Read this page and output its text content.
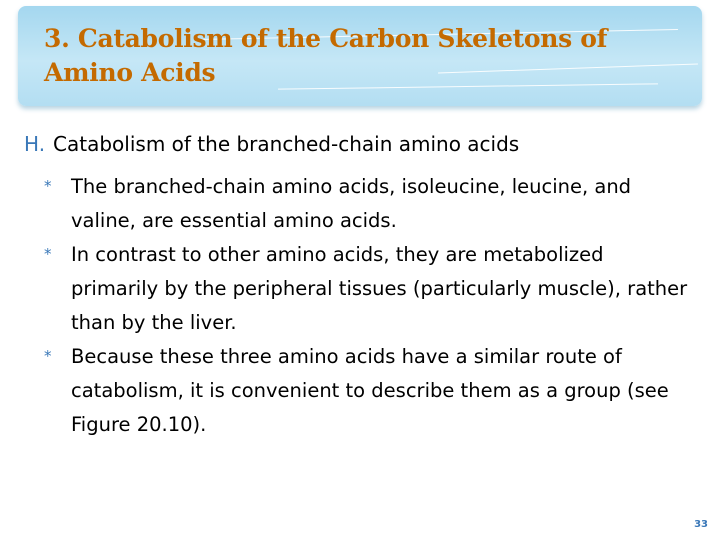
3. Catabolism of the Carbon Skeletons of Amino Acids
H. Catabolism of the branched-chain amino acids
* The branched-chain amino acids, isoleucine, leucine, and valine, are essential amino acids.
* In contrast to other amino acids, they are metabolized primarily by the peripheral tissues (particularly muscle), rather than by the liver.
* Because these three amino acids have a similar route of catabolism, it is convenient to describe them as a group (see Figure 20.10).
33
